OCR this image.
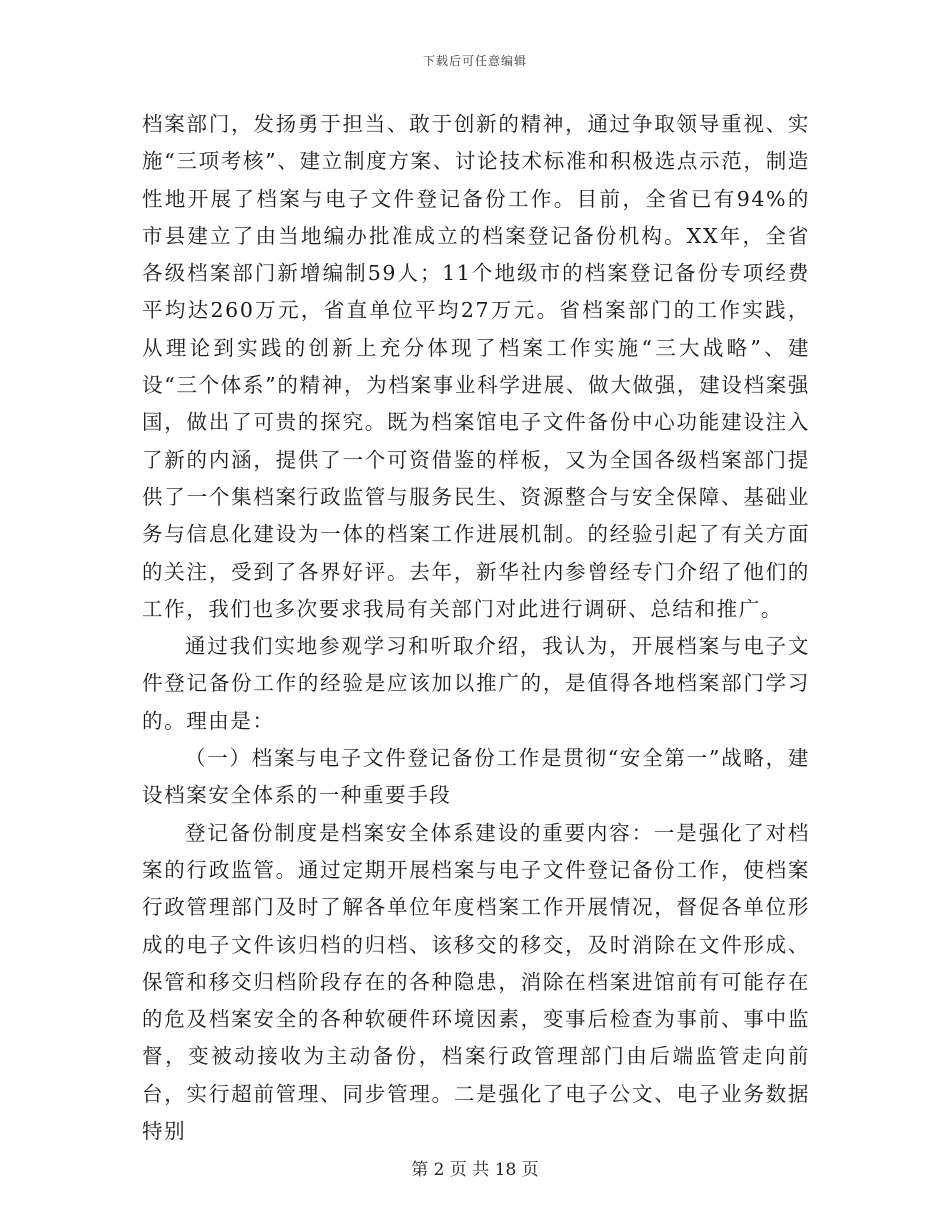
下载后可任意编辑

档案部门，发扬勇于担当、敢于创新的精神，通过争取领导重视、实施“三项考核”、建立制度方案、讨论技术标准和积极选点示范，制造性地开展了档案与电子文件登记备份工作。目前，全省已有94%的市县建立了由当地编办批准成立的档案登记备份机构。XX年，全省各级档案部门新增编制59人；11个地级市的档案登记备份专项经费平均达260万元，省直单位平均27万元。省档案部门的工作实践，从理论到实践的创新上充分体现了档案工作实施“三大战略”、建设“三个体系”的精神，为档案事业科学进展、做大做强，建设档案强国，做出了可贵的探究。既为档案馆电子文件备份中心功能建设注入了新的内涵，提供了一个可资借鉴的样板，又为全国各级档案部门提供了一个集档案行政监管与服务民生、资源整合与安全保障、基础业务与信息化建设为一体的档案工作进展机制。的经验引起了有关方面的关注，受到了各界好评。去年，新华社内参曾经专门介绍了他们的工作，我们也多次要求我局有关部门对此进行调研、总结和推广。

通过我们实地参观学习和听取介绍，我认为，开展档案与电子文件登记备份工作的经验是应该加以推广的，是值得各地档案部门学习的。理由是：

（一）档案与电子文件登记备份工作是贯彻“安全第一”战略，建设档案安全体系的一种重要手段

登记备份制度是档案安全体系建设的重要内容：一是强化了对档案的行政监管。通过定期开展档案与电子文件登记备份工作，使档案行政管理部门及时了解各单位年度档案工作开展情况，督促各单位形成的电子文件该归档的归档、该移交的移交，及时消除在文件形成、保管和移交归档阶段存在的各种隐患，消除在档案进馆前有可能存在的危及档案安全的各种软硬件环境因素，变事后检查为事前、事中监督，变被动接收为主动备份，档案行政管理部门由后端监管走向前台，实行超前管理、同步管理。二是强化了电子公文、电子业务数据特别

第 2 页 共 18 页
